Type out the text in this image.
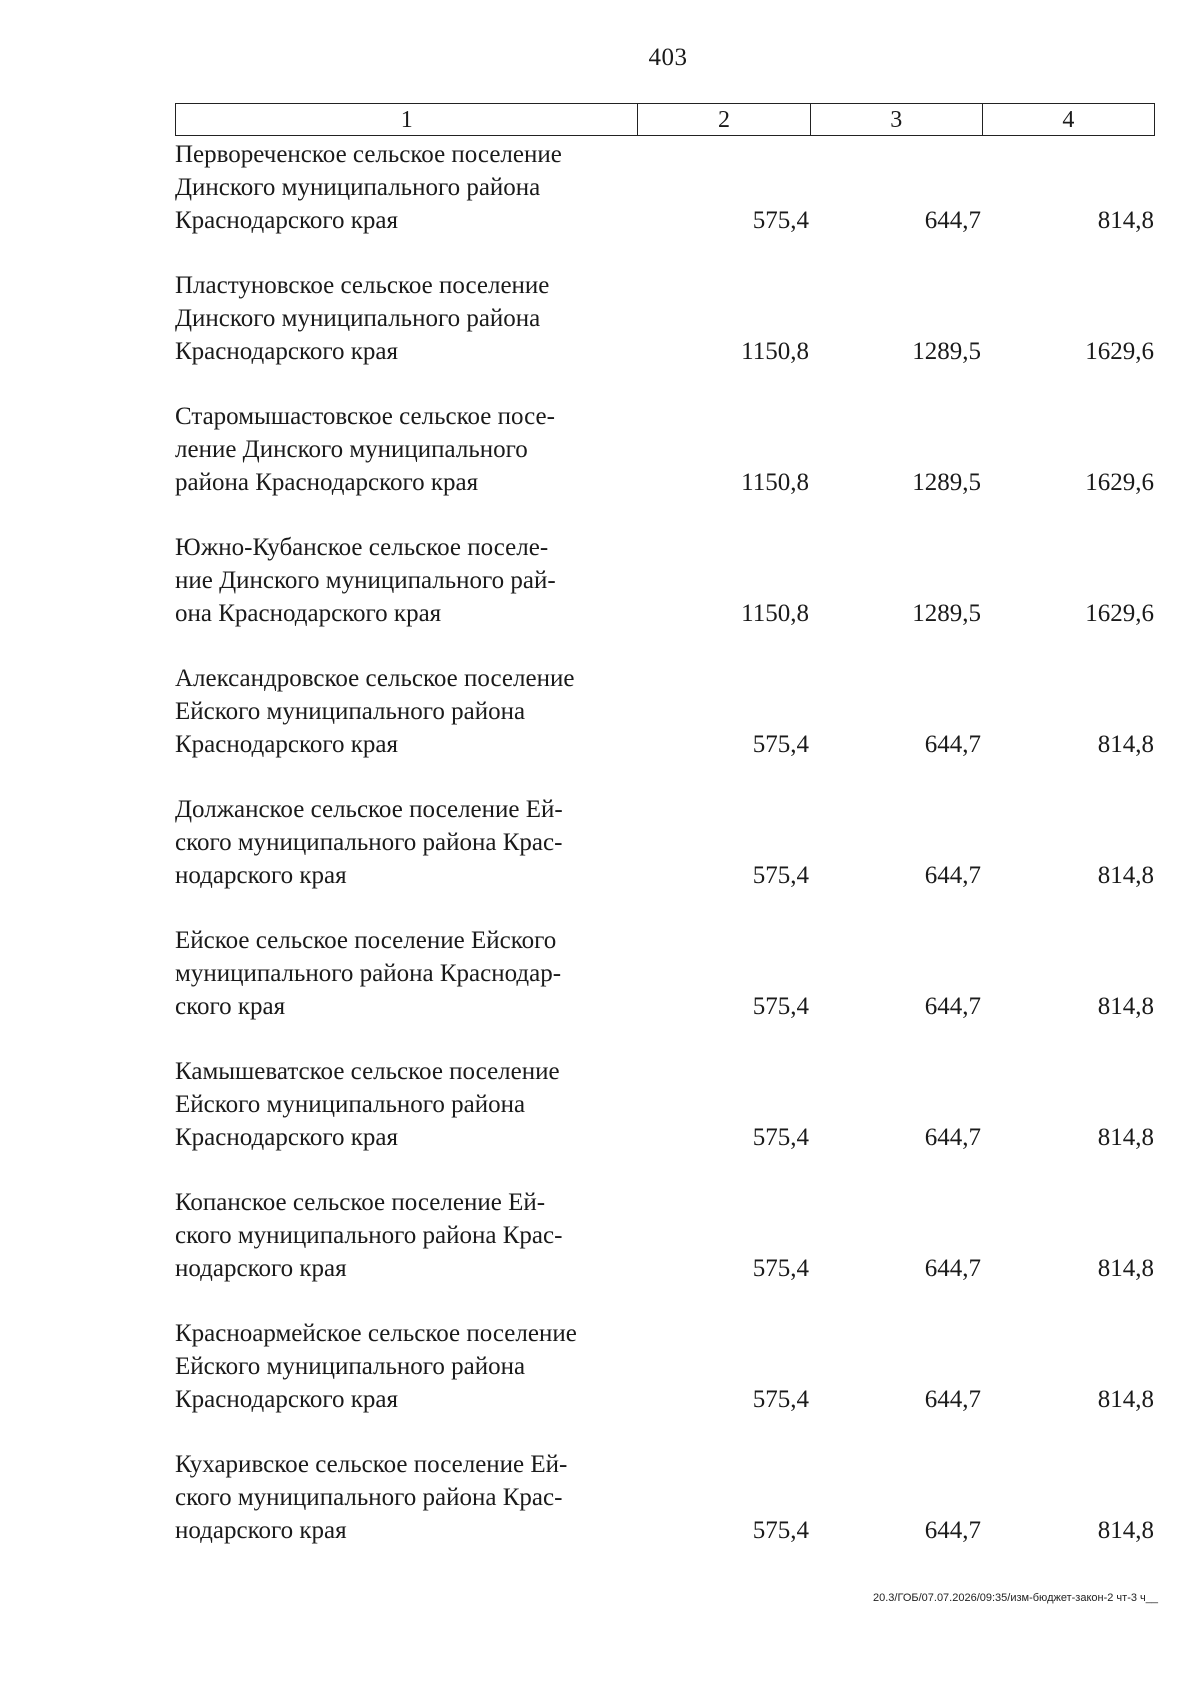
403
1	2	3	4
Первореченское сельское поселение
Динского муниципального района
Краснодарского края	575,4	644,7	814,8
Пластуновское сельское поселение
Динского муниципального района
Краснодарского края	1150,8	1289,5	1629,6
Старомышастовское сельское посе-
ление Динского муниципального
района Краснодарского края	1150,8	1289,5	1629,6
Южно-Кубанское сельское поселе-
ние Динского муниципального рай-
она Краснодарского края	1150,8	1289,5	1629,6
Александровское сельское поселение
Ейского муниципального района
Краснодарского края	575,4	644,7	814,8
Должанское сельское поселение Ей-
ского муниципального района Крас-
нодарского края	575,4	644,7	814,8
Ейское сельское поселение Ейского
муниципального района Краснодар-
ского края	575,4	644,7	814,8
Камышеватское сельское поселение
Ейского муниципального района
Краснодарского края	575,4	644,7	814,8
Копанское сельское поселение Ей-
ского муниципального района Крас-
нодарского края	575,4	644,7	814,8
Красноармейское сельское поселение
Ейского муниципального района
Краснодарского края	575,4	644,7	814,8
Кухаривское сельское поселение Ей-
ского муниципального района Крас-
нодарского края	575,4	644,7	814,8
20.3/ГОБ/07.07.2026/09:35/изм-бюджет-закон-2 чт-3 ч__
